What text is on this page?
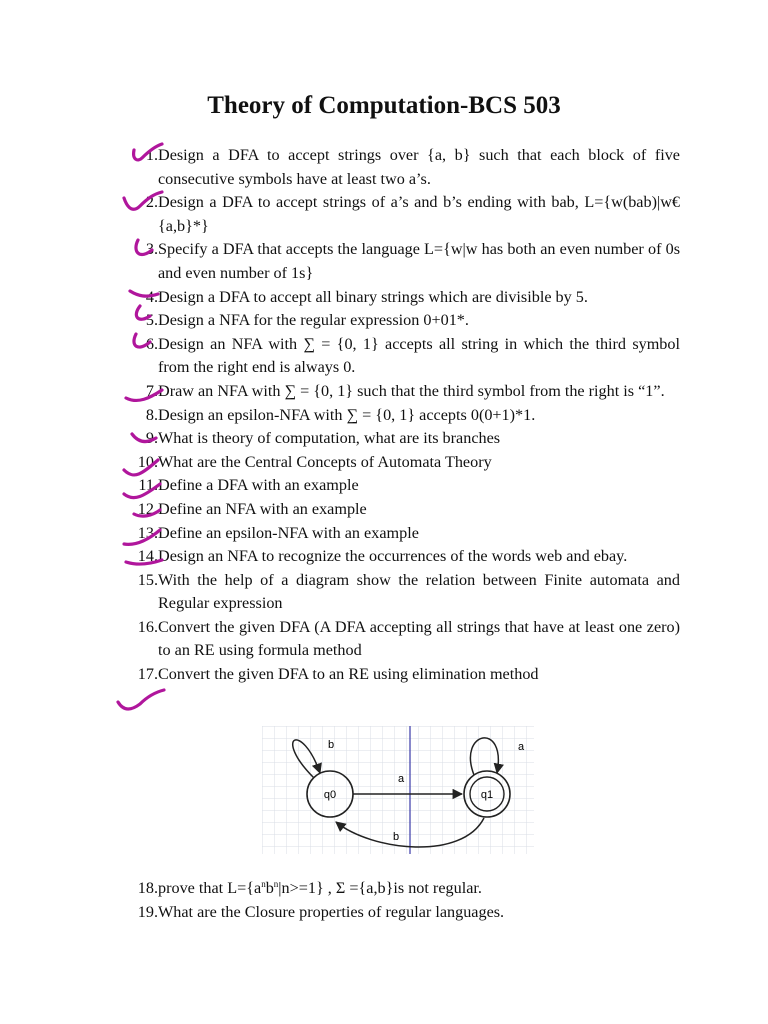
Theory of Computation-BCS 503
1. Design a DFA to accept strings over {a, b} such that each block of five consecutive symbols have at least two a’s.
2. Design a DFA to accept strings of a’s and b’s ending with bab, L={w(bab)|w€{a,b}*}
3. Specify a DFA that accepts the language L={w|w has both an even number of 0s and even number of 1s}
4. Design a DFA to accept all binary strings which are divisible by 5.
5. Design a NFA for the regular expression 0+01*.
6. Design an NFA with ∑ = {0, 1} accepts all string in which the third symbol from the right end is always 0.
7. Draw an NFA with ∑ = {0, 1} such that the third symbol from the right is “1”.
8. Design an epsilon-NFA with ∑ = {0, 1} accepts 0(0+1)*1.
9. What is theory of computation, what are its branches
10. What are the Central Concepts of Automata Theory
11. Define a DFA with an example
12. Define an NFA with an example
13. Define an epsilon-NFA with an example
14. Design an NFA to recognize the occurrences of the words web and ebay.
15. With the help of a diagram show the relation between Finite automata and Regular expression
16. Convert the given DFA (A DFA accepting all strings that have at least one zero) to an RE using formula method
17. Convert the given DFA to an RE using elimination method
q0	q1
b	a
a
b
18. prove that $L=\{a^nb^n|n>=1\}$ , Σ ={a,b}is not regular.
19. What are the Closure properties of regular languages.
